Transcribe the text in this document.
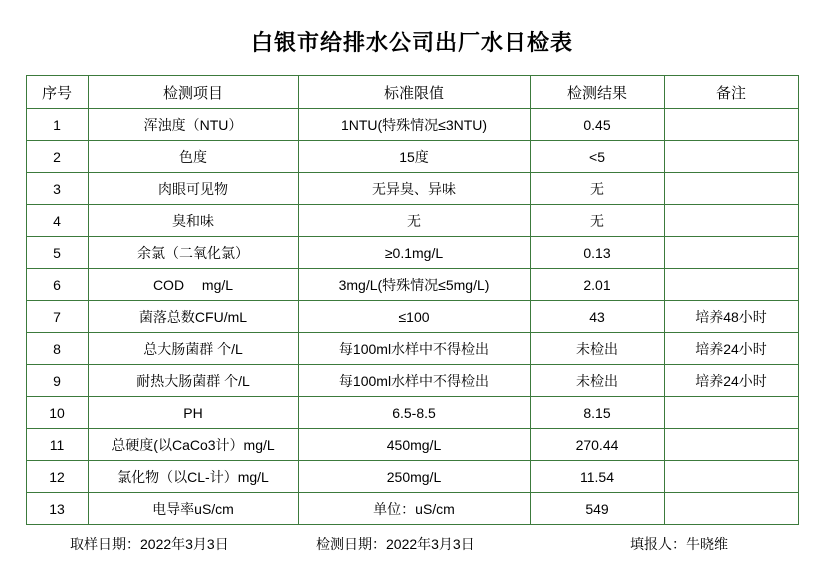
白银市给排水公司出厂水日检表
序号	检测项目	标准限值	检测结果	备注
1	浑浊度（NTU）	1NTU(特殊情况≤3NTU)	0.45	
2	色度	15度	<5	
3	肉眼可见物	无异臭、异味	无	
4	臭和味	无	无	
5	余氯（二氧化氯）	≥0.1mg/L	0.13	
6	COD　 mg/L	3mg/L(特殊情况≤5mg/L)	2.01	
7	菌落总数CFU/mL	≤100	43	培养48小时
8	总大肠菌群 个/L	每100ml水样中不得检出	未检出	培养24小时
9	耐热大肠菌群 个/L	每100ml水样中不得检出	未检出	培养24小时
10	PH	6.5-8.5	8.15	
11	总硬度(以CaCo3计）mg/L	450mg/L	270.44	
12	氯化物（以CL-计）mg/L	250mg/L	11.54	
13	电导率uS/cm	单位：uS/cm	549	
取样日期：2022年3月3日	检测日期：2022年3月3日	填报人：牛晓维
